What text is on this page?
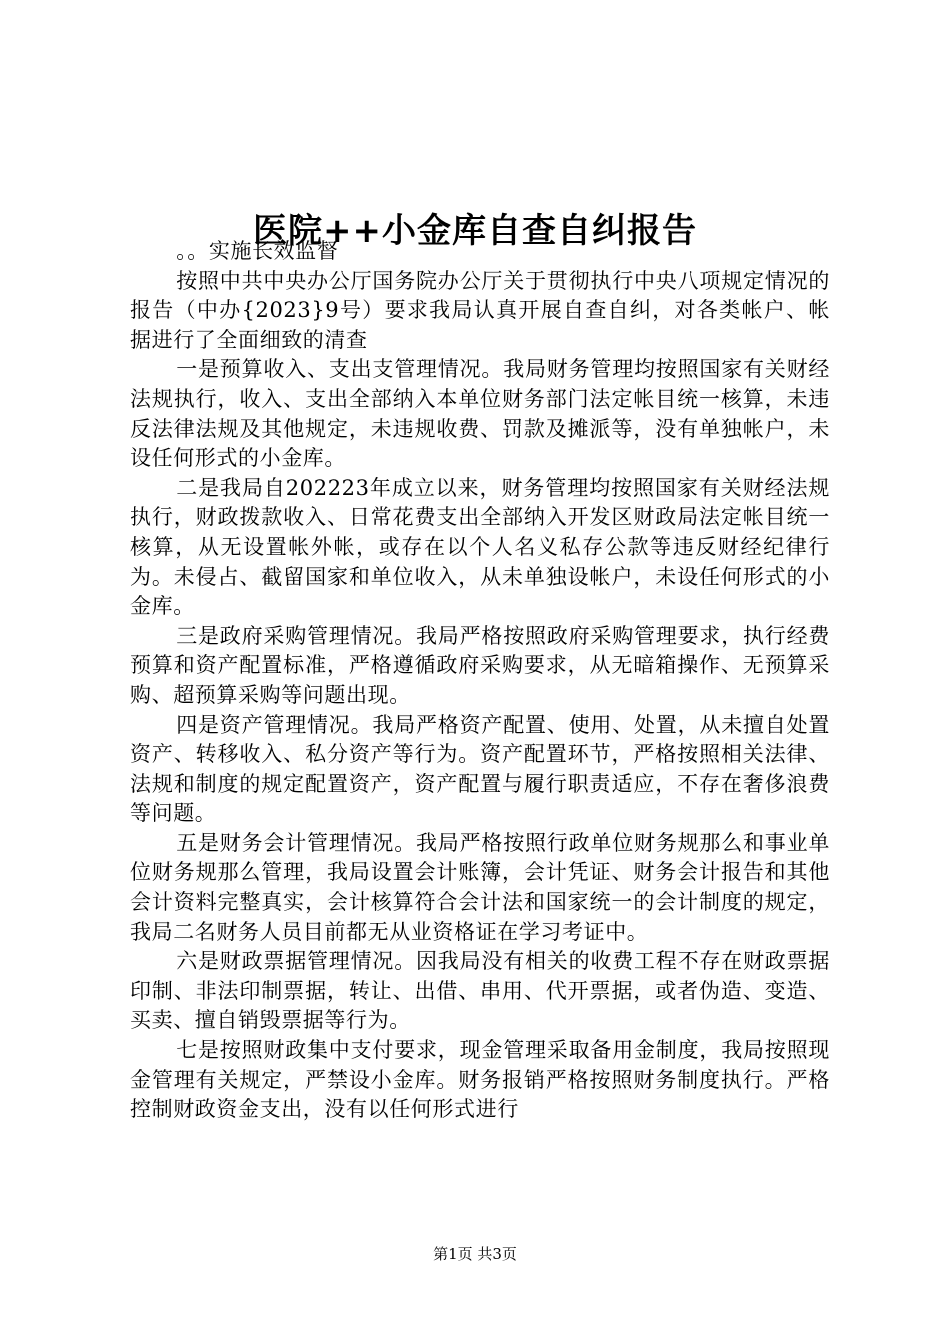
医院++小金库自查自纠报告

。。实施长效监督

按照中共中央办公厅国务院办公厅关于贯彻执行中央八项规定情况的报告（中办{2023}9号）要求我局认真开展自查自纠，对各类帐户、帐据进行了全面细致的清查

一是预算收入、支出支管理情况。我局财务管理均按照国家有关财经法规执行，收入、支出全部纳入本单位财务部门法定帐目统一核算，未违反法律法规及其他规定，未违规收费、罚款及摊派等，没有单独帐户，未设任何形式的小金库。

二是我局自202223年成立以来，财务管理均按照国家有关财经法规执行，财政拨款收入、日常花费支出全部纳入开发区财政局法定帐目统一核算，从无设置帐外帐，或存在以个人名义私存公款等违反财经纪律行为。未侵占、截留国家和单位收入，从未单独设帐户，未设任何形式的小金库。

三是政府采购管理情况。我局严格按照政府采购管理要求，执行经费预算和资产配置标准，严格遵循政府采购要求，从无暗箱操作、无预算采购、超预算采购等问题出现。

四是资产管理情况。我局严格资产配置、使用、处置，从未擅自处置资产、转移收入、私分资产等行为。资产配置环节，严格按照相关法律、法规和制度的规定配置资产，资产配置与履行职责适应，不存在奢侈浪费等问题。

五是财务会计管理情况。我局严格按照行政单位财务规那么和事业单位财务规那么管理，我局设置会计账簿，会计凭证、财务会计报告和其他会计资料完整真实，会计核算符合会计法和国家统一的会计制度的规定，我局二名财务人员目前都无从业资格证在学习考证中。

六是财政票据管理情况。因我局没有相关的收费工程不存在财政票据印制、非法印制票据，转让、出借、串用、代开票据，或者伪造、变造、买卖、擅自销毁票据等行为。

七是按照财政集中支付要求，现金管理采取备用金制度，我局按照现金管理有关规定，严禁设小金库。财务报销严格按照财务制度执行。严格控制财政资金支出，没有以任何形式进行

第1页 共3页
